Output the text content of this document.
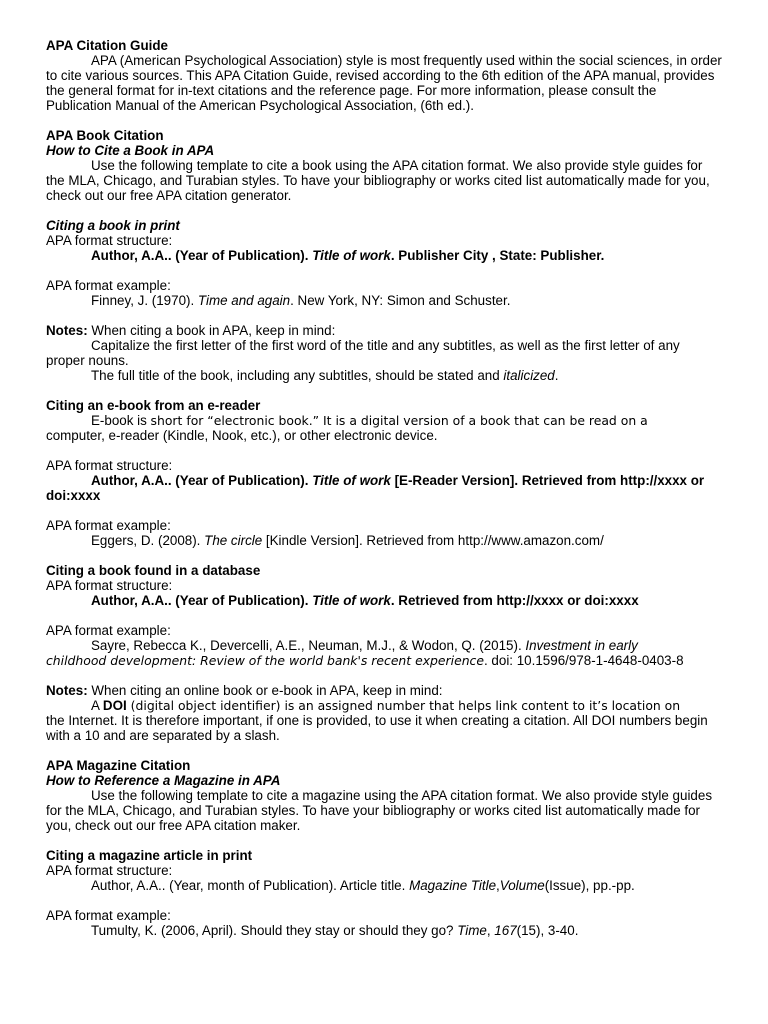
APA Citation Guide

APA (American Psychological Association) style is most frequently used within the social sciences, in order to cite various sources. This APA Citation Guide, revised according to the 6th edition of the APA manual, provides the general format for in-text citations and the reference page. For more information, please consult the Publication Manual of the American Psychological Association, (6th ed.).

APA Book Citation

How to Cite a Book in APA

Use the following template to cite a book using the APA citation format. We also provide style guides for the MLA, Chicago, and Turabian styles. To have your bibliography or works cited list automatically made for you, check out our free APA citation generator.

Citing a book in print

APA format structure:

Author, A.A.. (Year of Publication). Title of work. Publisher City , State: Publisher.

APA format example:

Finney, J. (1970). Time and again. New York, NY: Simon and Schuster.

Notes: When citing a book in APA, keep in mind:

Capitalize the first letter of the first word of the title and any subtitles, as well as the first letter of any proper nouns.

The full title of the book, including any subtitles, should be stated and italicized.

Citing an e-book from an e-reader

E-book is short for “electronic book.” It is a digital version of a book that can be read on a
computer, e-reader (Kindle, Nook, etc.), or other electronic device.

APA format structure:

Author, A.A.. (Year of Publication). Title of work [E-Reader Version]. Retrieved from http://xxxx or doi:xxxx

APA format example:

Eggers, D. (2008). The circle [Kindle Version]. Retrieved from http://www.amazon.com/

Citing a book found in a database

APA format structure:

Author, A.A.. (Year of Publication). Title of work. Retrieved from http://xxxx or doi:xxxx

APA format example:

Sayre, Rebecca K., Devercelli, A.E., Neuman, M.J., & Wodon, Q. (2015). Investment in early
childhood development: Review of the world bank's recent experience. doi: 10.1596/978-1-4648-0403-8

Notes: When citing an online book or e-book in APA, keep in mind:

A DOI (digital object identifier) is an assigned number that helps link content to it’s location on
the Internet. It is therefore important, if one is provided, to use it when creating a citation. All DOI numbers begin with a 10 and are separated by a slash.

APA Magazine Citation

How to Reference a Magazine in APA

Use the following template to cite a magazine using the APA citation format. We also provide style guides for the MLA, Chicago, and Turabian styles. To have your bibliography or works cited list automatically made for you, check out our free APA citation maker.

Citing a magazine article in print

APA format structure:

Author, A.A.. (Year, month of Publication). Article title. Magazine Title,Volume(Issue), pp.-pp.

APA format example:

Tumulty, K. (2006, April). Should they stay or should they go? Time, 167(15), 3-40.
